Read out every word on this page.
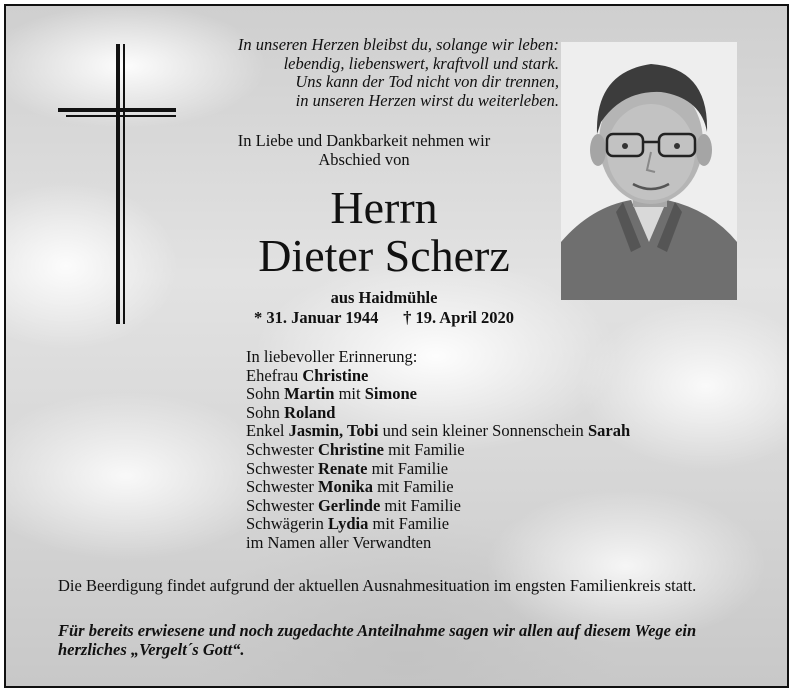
In unseren Herzen bleibst du, solange wir leben:
lebendig, liebenswert, kraftvoll und stark.
Uns kann der Tod nicht von dir trennen,
in unseren Herzen wirst du weiterleben.
In Liebe und Dankbarkeit nehmen wir
Abschied von
Herrn
Dieter Scherz
aus Haidmühle
* 31. Januar 1944 † 19. April 2020
In liebevoller Erinnerung:
Ehefrau Christine
Sohn Martin mit Simone
Sohn Roland
Enkel Jasmin, Tobi und sein kleiner Sonnenschein Sarah
Schwester Christine mit Familie
Schwester Renate mit Familie
Schwester Monika mit Familie
Schwester Gerlinde mit Familie
Schwägerin Lydia mit Familie
im Namen aller Verwandten
Die Beerdigung findet aufgrund der aktuellen Ausnahmesituation im engsten Familienkreis statt.
Für bereits erwiesene und noch zugedachte Anteilnahme sagen wir allen auf diesem Wege ein herzliches „Vergelt´s Gott“.
